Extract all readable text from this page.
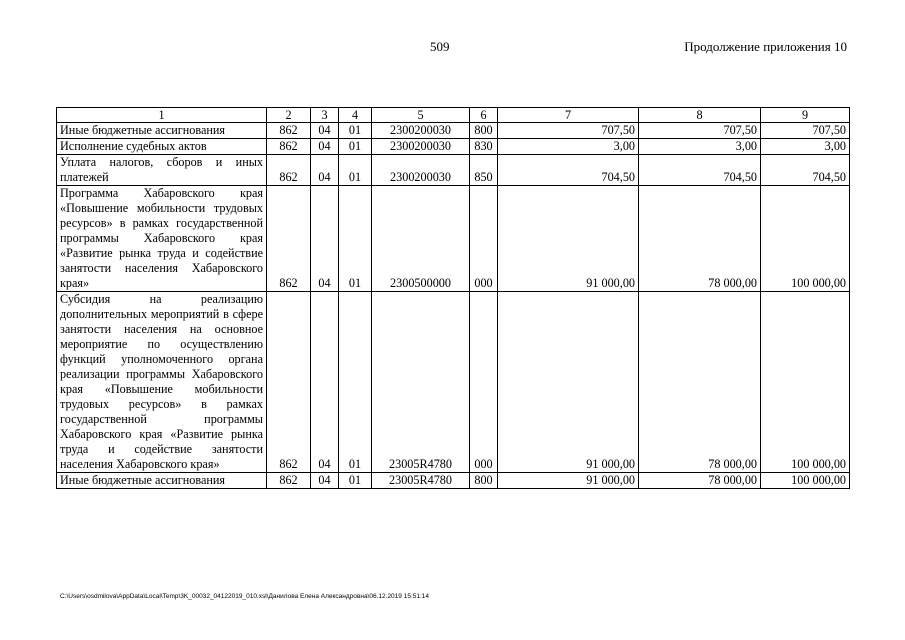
509	Продолжение приложения 10
1	2	3	4	5	6	7	8	9
Иные бюджетные ассигнования	862	04	01	2300200030	800	707,50	707,50	707,50
Исполнение судебных актов	862	04	01	2300200030	830	3,00	3,00	3,00
Уплата налогов, сборов и иных платежей	862	04	01	2300200030	850	704,50	704,50	704,50
Программа Хабаровского края «Повышение мобильности трудовых ресурсов» в рамках государственной программы Хабаровского края «Развитие рынка труда и содействие занятости населения Хабаровского края»	862	04	01	2300500000	000	91 000,00	78 000,00	100 000,00
Субсидия на реализацию дополнительных мероприятий в сфере занятости населения на основное мероприятие по осуществлению функций уполномоченного органа реализации программы Хабаровского края «Повышение мобильности трудовых ресурсов» в рамках государственной программы Хабаровского края «Развитие рынка труда и содействие занятости населения Хабаровского края»	862	04	01	23005R4780	000	91 000,00	78 000,00	100 000,00
Иные бюджетные ассигнования	862	04	01	23005R4780	800	91 000,00	78 000,00	100 000,00
C:\Users\osdmilova\AppData\Local\Temp\3K_00032_04122019_010.xsl\Данилова Елена Александровна\06.12.2019 15:51:14
